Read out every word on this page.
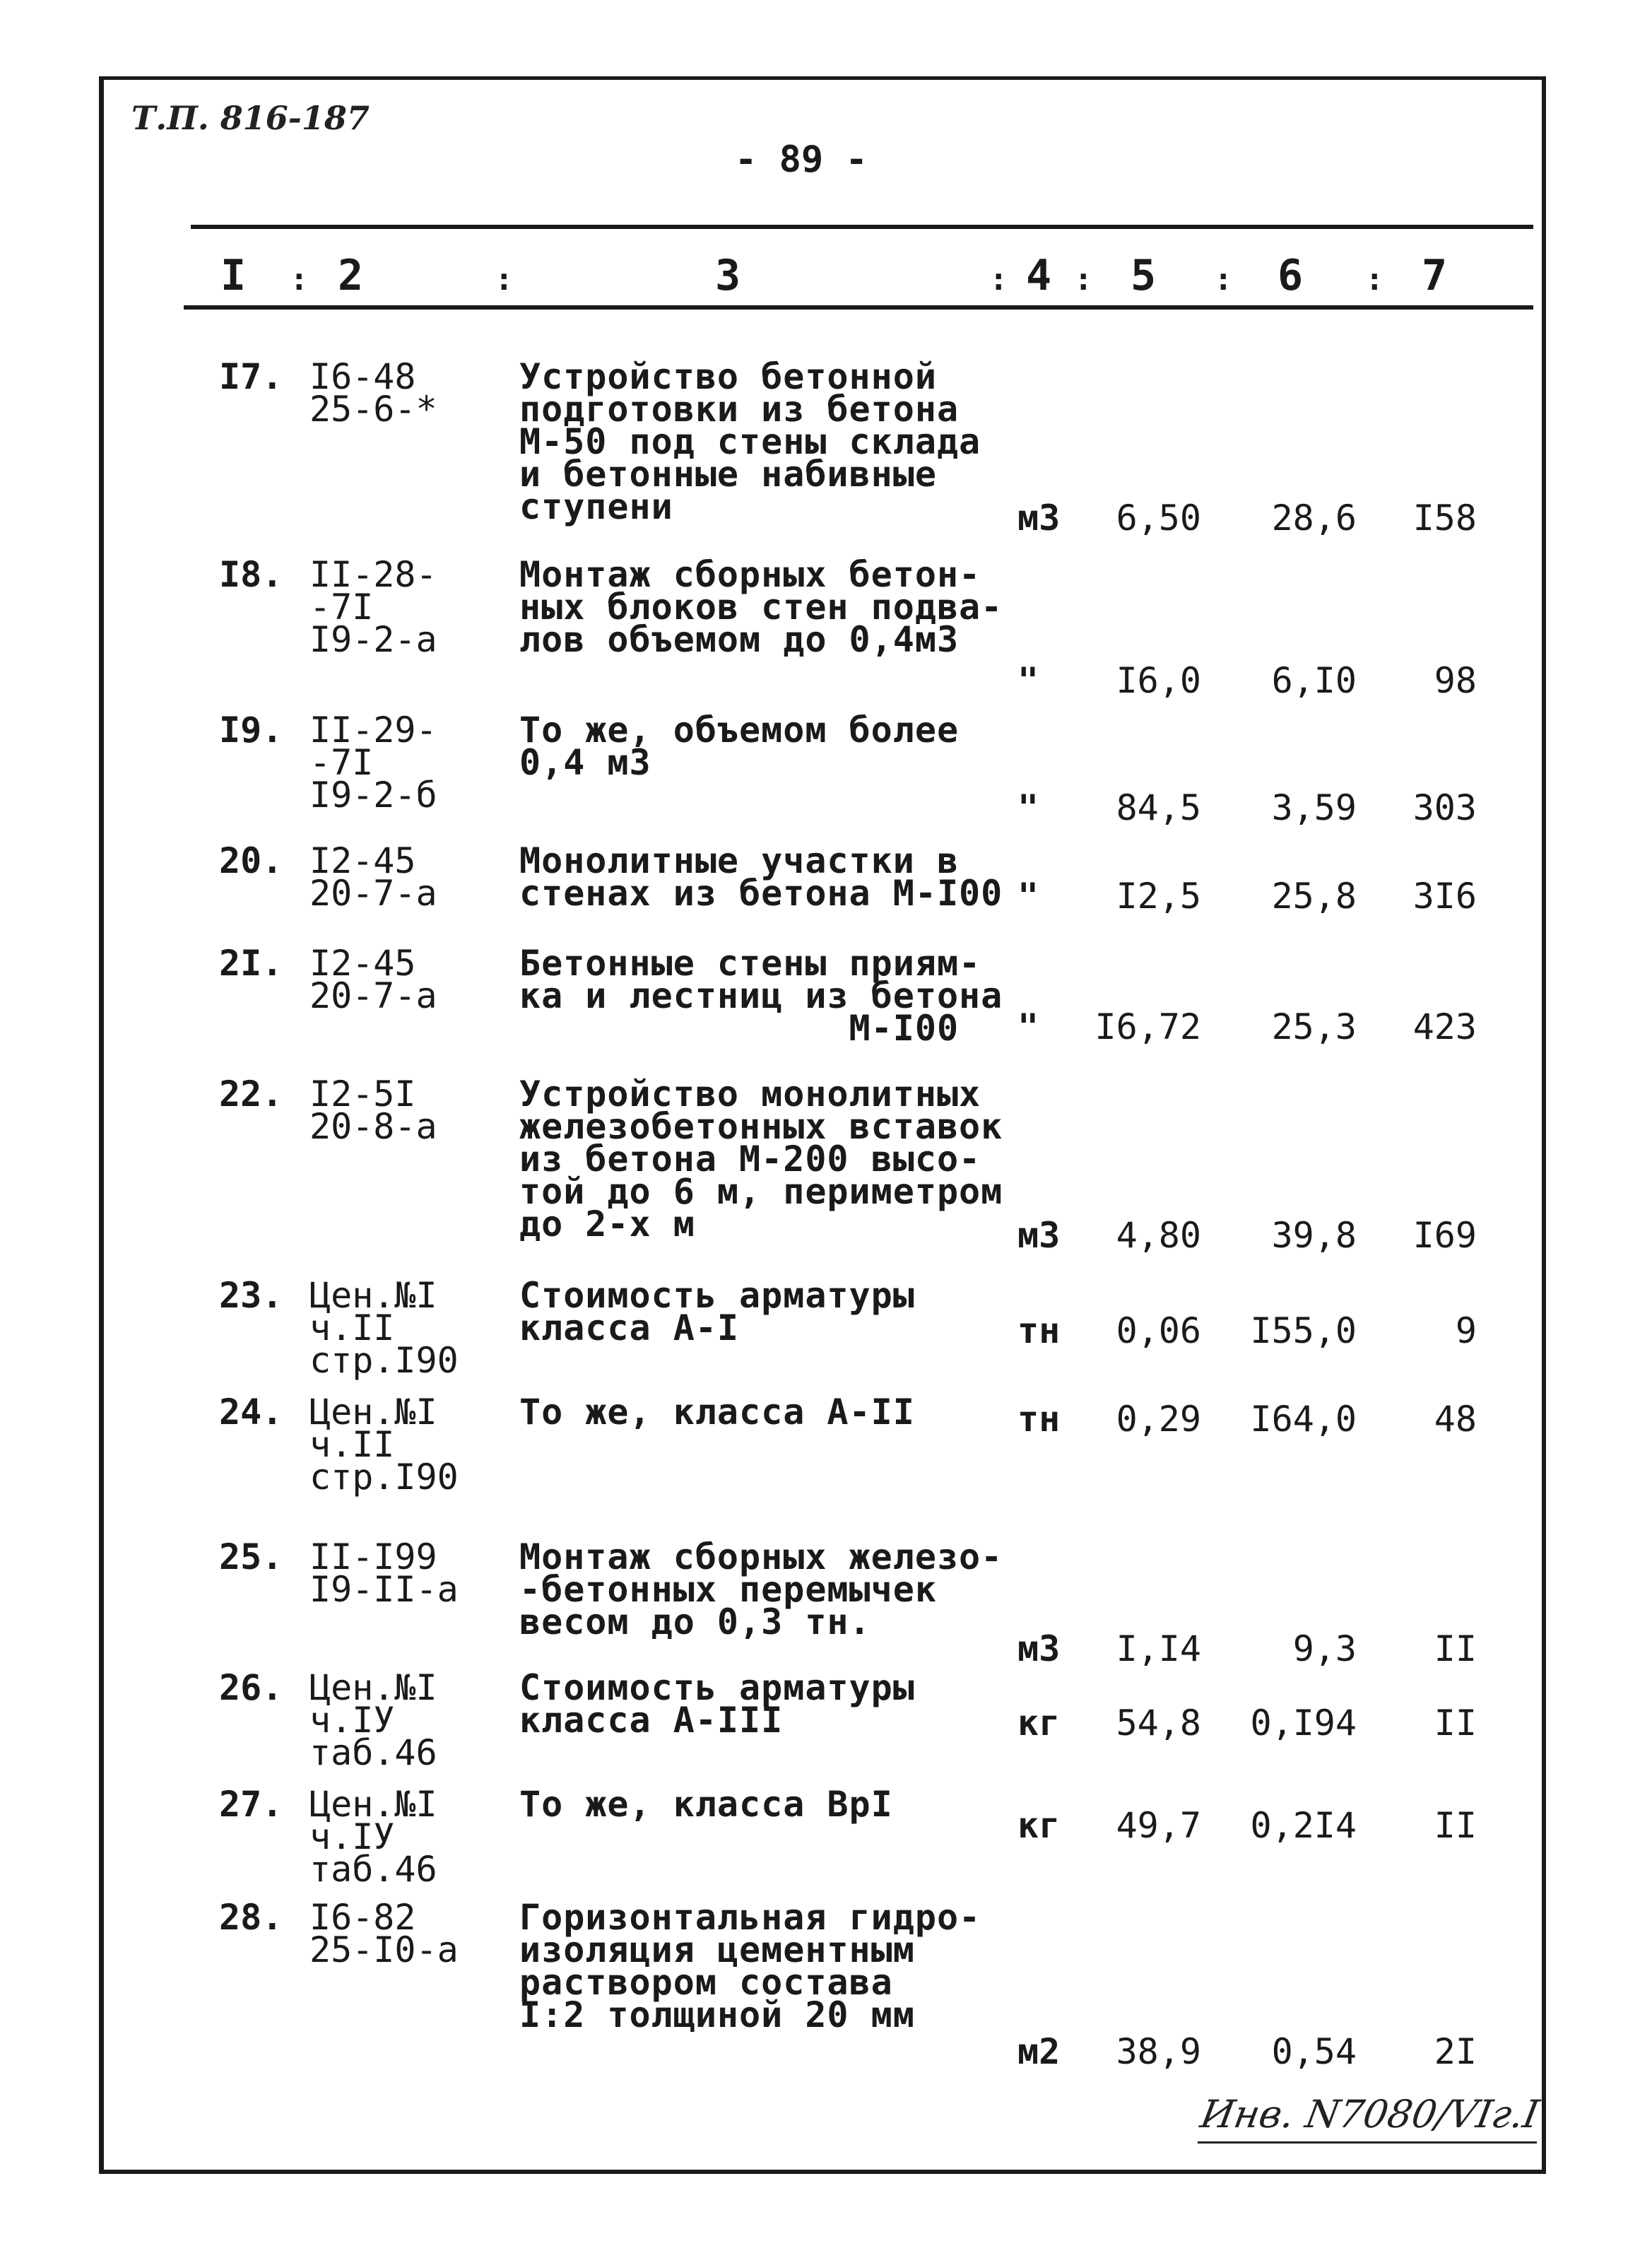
Т.П. 816-187
- 89 -
I : 2	:	3	: 4 : 5 : 6 : 7
I7. I6-48
25-6-*
Устройство бетонной
подготовки из бетона
М-50 под стены склада
и бетонные набивные
ступени	м3	6,50	28,6	I58
I8. II-28-
-7I
I9-2-а
Монтаж сборных бетон-
ных блоков стен подва-
лов объемом до 0,4м3
"	I6,0	6,I0	98
I9. II-29-
-7I
I9-2-б
То же, объемом более
0,4 м3
"	84,5	3,59	303
20. I2-45
20-7-а
Монолитные участки в
стенах из бетона М-I00 "	I2,5	25,8	3I6
2I. I2-45
20-7-а
Бетонные стены приям-
ка и лестниц из бетона
М-I00	"	I6,72	25,3	423
22. I2-5I
20-8-а
Устройство монолитных
железобетонных вставок
из бетона М-200 высо-
той до 6 м, периметром
до 2-х м	м3	4,80	39,8	I69
23. Цен.№I
ч.II
стр.I90
Стоимость арматуры
класса А-I	тн	0,06	I55,0	9
24. Цен.№I
ч.II
стр.I90
То же, класса А-II	тн	0,29	I64,0	48
25. II-I99
I9-II-а
Монтаж сборных железо-
-бетонных перемычек
весом до 0,3 тн.
м3	I,I4	9,3	II
26. Цен.№I
ч.IУ
таб.46
Стоимость арматуры
класса А-III	кг	54,8	0,I94	II
27. Цен.№I
ч.IУ
таб.46
То же, класса ВрI
кг	49,7	0,2I4	II
28. I6-82
25-I0-а
Горизонтальная гидро-
изоляция цементным
раствором состава
I:2 толщиной 20 мм
м2	38,9	0,54	2I
Инв. N7080/VIг.I
